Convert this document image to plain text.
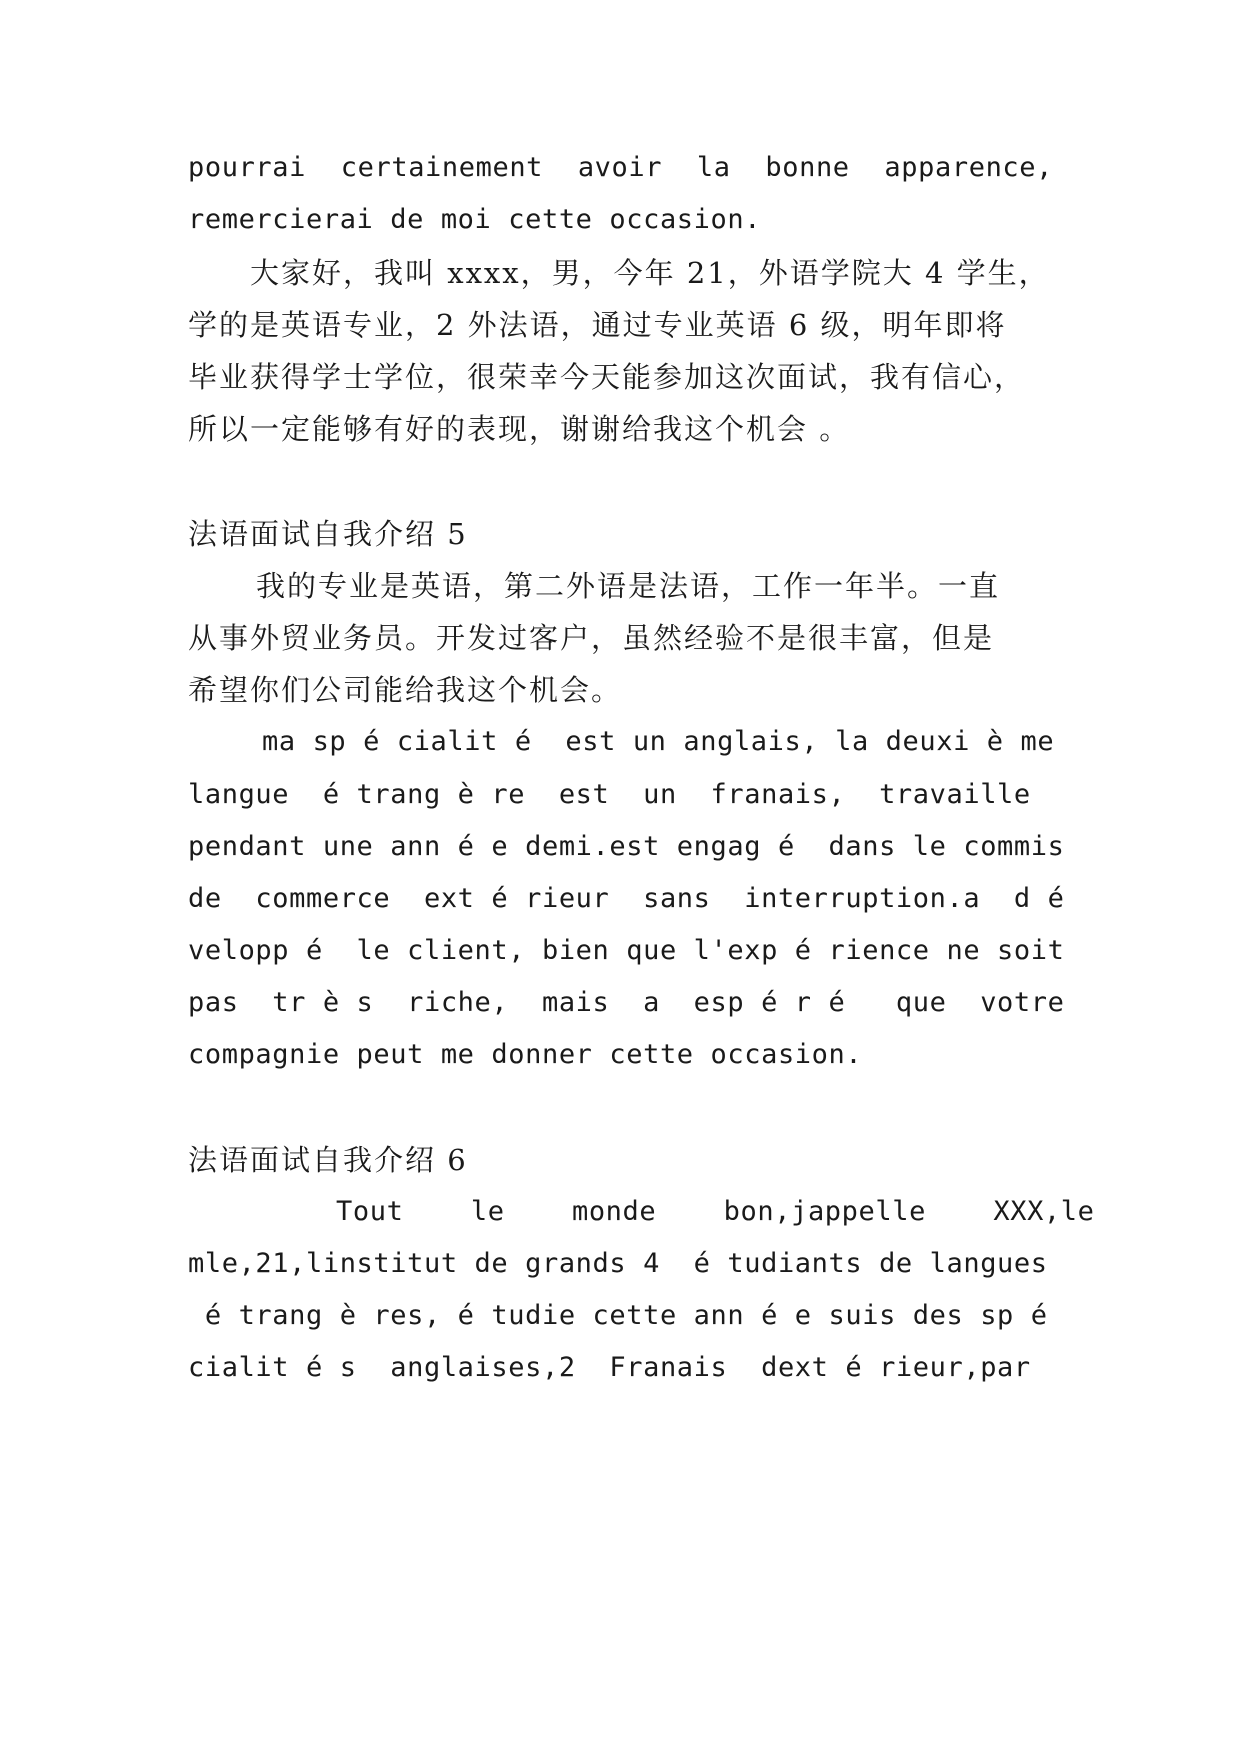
pourrai certainement avoir la bonne apparence,
remercierai de moi cette occasion.
大家好，我叫 xxxx，男，今年 21，外语学院大 4 学生，
学的是英语专业，2 外法语，通过专业英语 6 级，明年即将
毕业获得学士学位，很荣幸今天能参加这次面试，我有信心，
所以一定能够有好的表现，谢谢给我这个机会 。
法语面试自我介绍 5
我的专业是英语，第二外语是法语，工作一年半。一直
从事外贸业务员。开发过客户，虽然经验不是很丰富，但是
希望你们公司能给我这个机会。
ma sp é cialit é  est un anglais, la deuxi è me
langue  é trang è re  est  un  franais,  travaille
pendant une ann é e demi.est engag é  dans le commis
de  commerce  ext é rieur  sans  interruption.a  d é
velopp é  le client, bien que l'exp é rience ne soit
pas  tr è s  riche,  mais  a  esp é r é   que  votre
compagnie peut me donner cette occasion.
法语面试自我介绍 6
Tout    le    monde    bon,jappelle    XXX,le
mle,21,linstitut de grands 4  é tudiants de langues
é trang è res, é tudie cette ann é e suis des sp é
cialit é s  anglaises,2  Franais  dext é rieur,par
